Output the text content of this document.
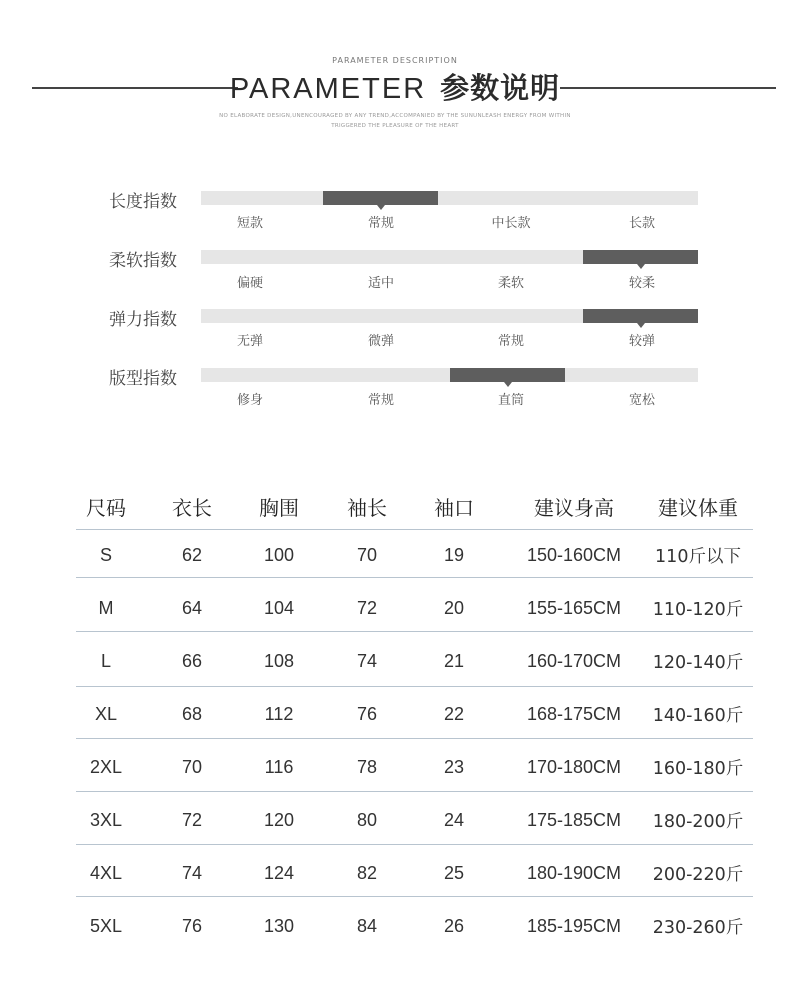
PARAMETER DESCRIPTION
PARAMETER 参数说明
NO ELABORATE DESIGN,UNENCOURAGED BY ANY TREND,ACCOMPANIED BY THE SUNUNLEASH ENERGY FROM WITHIN
TRIGGERED THE PLEASURE OF THE HEART
长度指数
短款	常规	中长款	长款
柔软指数
偏硬	适中	柔软	较柔
弹力指数
无弹	微弹	常规	较弹
版型指数
修身	常规	直筒	宽松
尺码	衣长	胸围	袖长	袖口	建议身高	建议体重
S	62	100	70	19	150-160CM	110斤以下
M	64	104	72	20	155-165CM	110-120斤
L	66	108	74	21	160-170CM	120-140斤
XL	68	112	76	22	168-175CM	140-160斤
2XL	70	116	78	23	170-180CM	160-180斤
3XL	72	120	80	24	175-185CM	180-200斤
4XL	74	124	82	25	180-190CM	200-220斤
5XL	76	130	84	26	185-195CM	230-260斤
